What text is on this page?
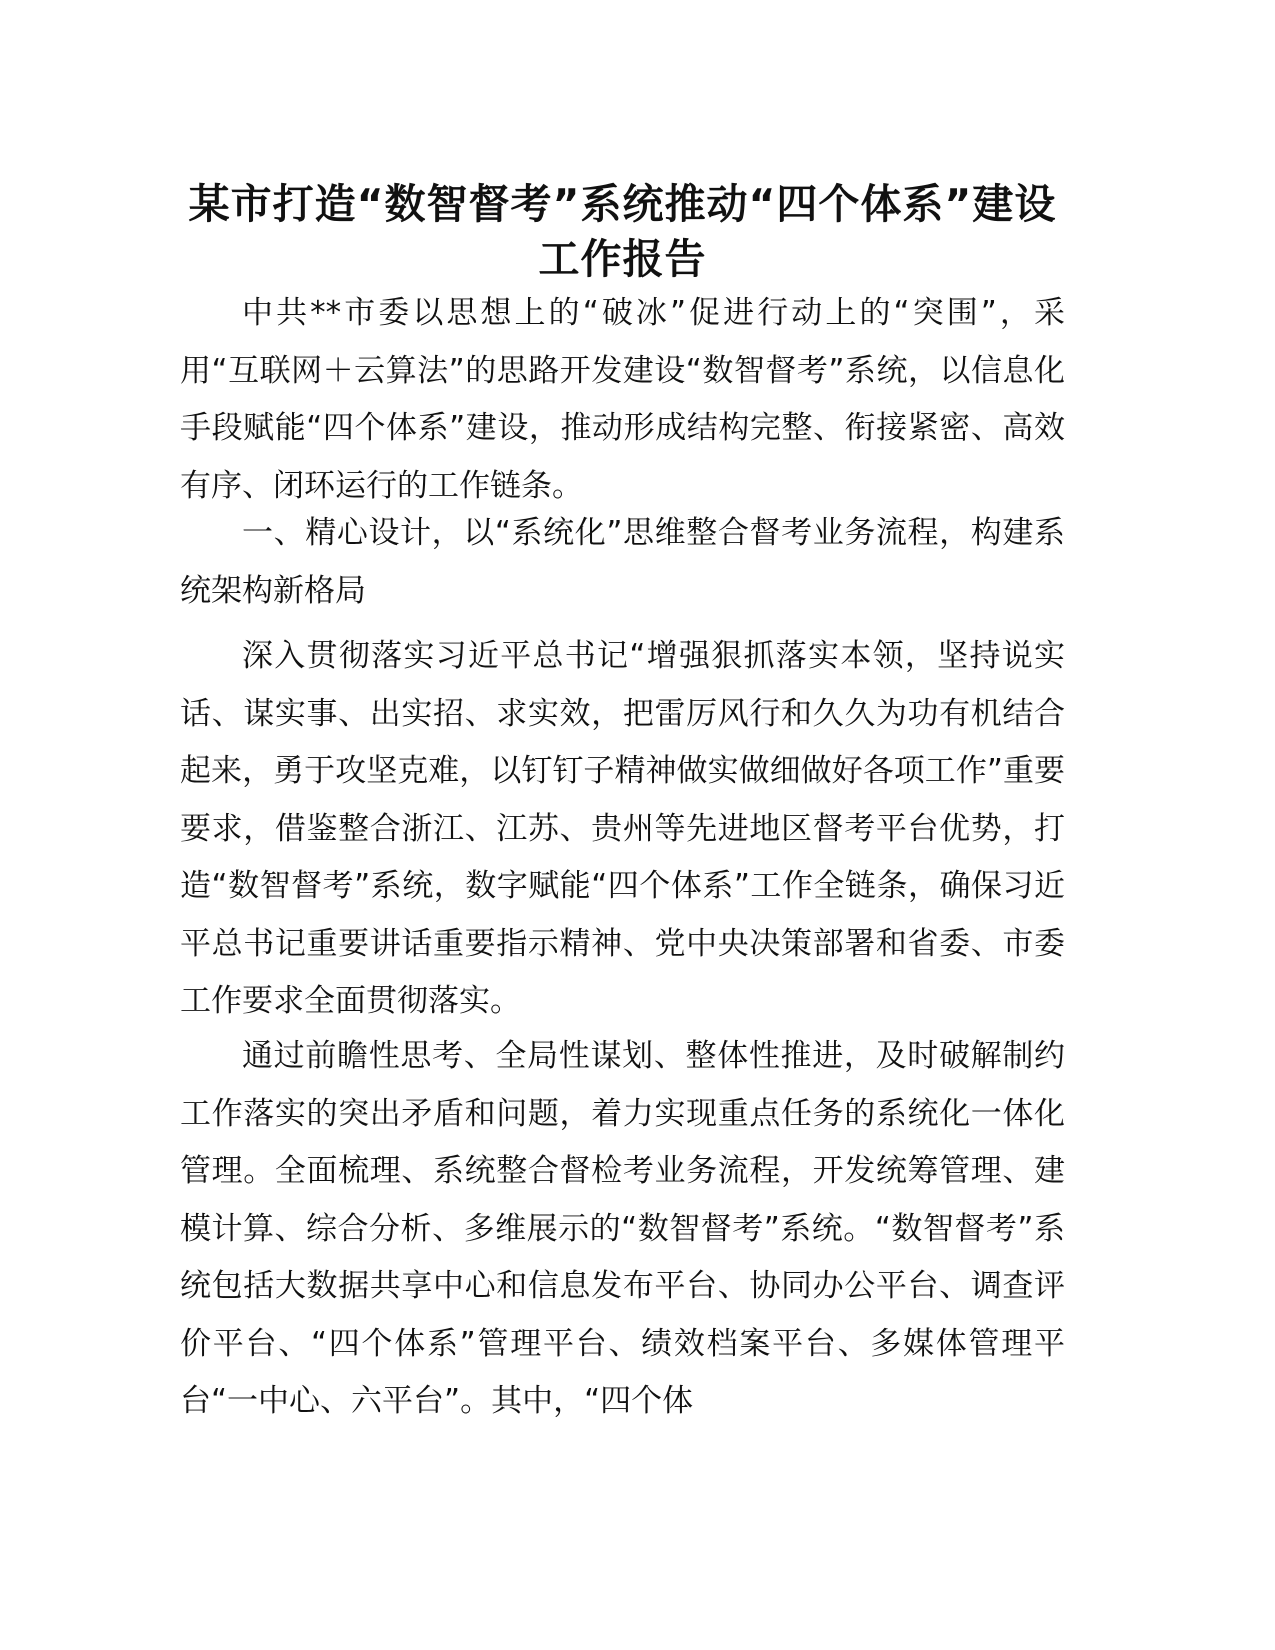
某市打造“数智督考”系统推动“四个体系”建设工作报告

中共**市委以思想上的“破冰”促进行动上的“突围”，采用“互联网＋云算法”的思路开发建设“数智督考”系统，以信息化手段赋能“四个体系”建设，推动形成结构完整、衔接紧密、高效有序、闭环运行的工作链条。

一、精心设计，以“系统化”思维整合督考业务流程，构建系统架构新格局

深入贯彻落实习近平总书记“增强狠抓落实本领，坚持说实话、谋实事、出实招、求实效，把雷厉风行和久久为功有机结合起来，勇于攻坚克难，以钉钉子精神做实做细做好各项工作”重要要求，借鉴整合浙江、江苏、贵州等先进地区督考平台优势，打造“数智督考”系统，数字赋能“四个体系”工作全链条，确保习近平总书记重要讲话重要指示精神、党中央决策部署和省委、市委工作要求全面贯彻落实。

通过前瞻性思考、全局性谋划、整体性推进，及时破解制约工作落实的突出矛盾和问题，着力实现重点任务的系统化一体化管理。全面梳理、系统整合督检考业务流程，开发统筹管理、建模计算、综合分析、多维展示的“数智督考”系统。“数智督考”系统包括大数据共享中心和信息发布平台、协同办公平台、调查评价平台、“四个体系”管理平台、绩效档案平台、多媒体管理平台“一中心、六平台”。其中，“四个体
